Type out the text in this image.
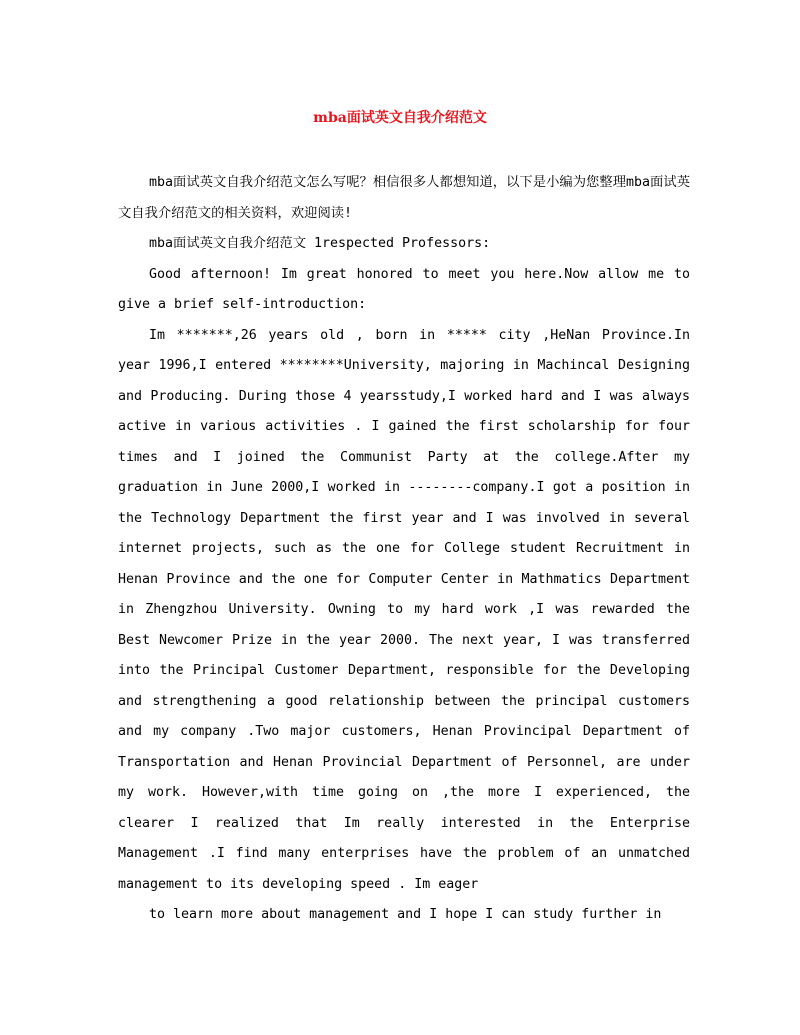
mba面试英文自我介绍范文

mba面试英文自我介绍范文怎么写呢？相信很多人都想知道，以下是小编为您整理mba面试英文自我介绍范文的相关资料，欢迎阅读!

mba面试英文自我介绍范文 1respected Professors:

Good afternoon! Im great honored to meet you here.Now allow me to give a brief self-introduction:

Im *******,26 years old , born in ***** city ,HeNan Province.In year 1996,I entered ********University, majoring in Machincal Designing and Producing. During those 4 yearsstudy,I worked hard and I was always active in various activities . I gained the first scholarship for four times and I joined the Communist Party at the college.After my graduation in June 2000,I worked in --------company.I got a position in the Technology Department the first year and I was involved in several internet projects, such as the one for College student Recruitment in Henan Province and the one for Computer Center in Mathmatics Department in Zhengzhou University. Owning to my hard work ,I was rewarded the Best Newcomer Prize in the year 2000. The next year, I was transferred into the Principal Customer Department, responsible for the Developing and strengthening a good relationship between the principal customers and my company .Two major customers, Henan Provincipal Department of Transportation and Henan Provincial Department of Personnel, are under my work. However,with time going on ,the more I experienced, the clearer I realized that Im really interested in the Enterprise Management .I find many enterprises have the problem of an unmatched management to its developing speed . Im eager

to learn more about management and I hope I can study further in
